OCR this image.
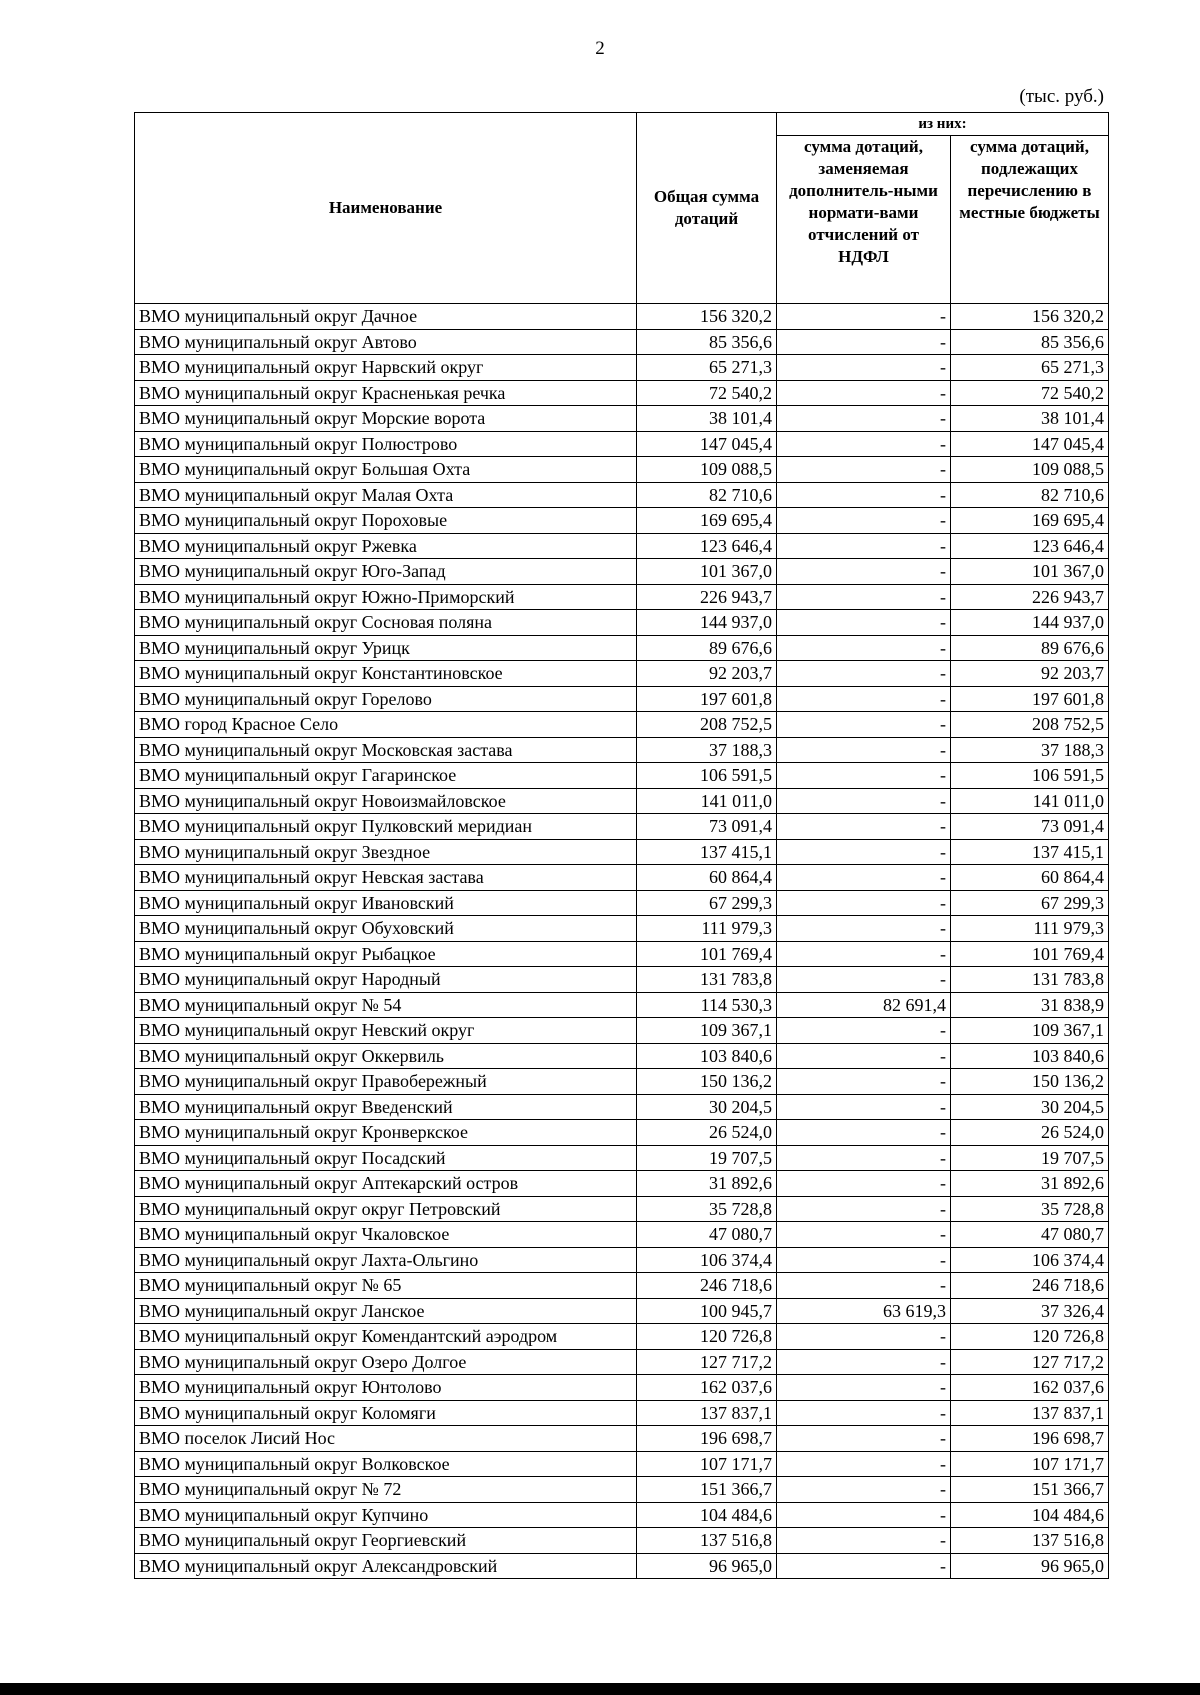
2
(тыс. руб.)
Наименование	Общая сумма дотаций	из них:	
		сумма дотаций, заменяемая дополнитель-ными нормати-вами отчислений от НДФЛ	сумма дотаций, подлежащих перечислению в местные бюджеты
ВМО муниципальный округ Дачное	156 320,2	-	156 320,2
ВМО муниципальный округ Автово	85 356,6	-	85 356,6
ВМО муниципальный округ Нарвский округ	65 271,3	-	65 271,3
ВМО муниципальный округ Красненькая речка	72 540,2	-	72 540,2
ВМО муниципальный округ Морские ворота	38 101,4	-	38 101,4
ВМО муниципальный округ Полюстрово	147 045,4	-	147 045,4
ВМО муниципальный округ Большая Охта	109 088,5	-	109 088,5
ВМО муниципальный округ Малая Охта	82 710,6	-	82 710,6
ВМО муниципальный округ Пороховые	169 695,4	-	169 695,4
ВМО муниципальный округ Ржевка	123 646,4	-	123 646,4
ВМО муниципальный округ Юго-Запад	101 367,0	-	101 367,0
ВМО муниципальный округ Южно-Приморский	226 943,7	-	226 943,7
ВМО муниципальный округ Сосновая поляна	144 937,0	-	144 937,0
ВМО муниципальный округ Урицк	89 676,6	-	89 676,6
ВМО муниципальный округ Константиновское	92 203,7	-	92 203,7
ВМО муниципальный округ Горелово	197 601,8	-	197 601,8
ВМО город Красное Село	208 752,5	-	208 752,5
ВМО муниципальный округ Московская застава	37 188,3	-	37 188,3
ВМО муниципальный округ Гагаринское	106 591,5	-	106 591,5
ВМО муниципальный округ Новоизмайловское	141 011,0	-	141 011,0
ВМО муниципальный округ Пулковский меридиан	73 091,4	-	73 091,4
ВМО муниципальный округ Звездное	137 415,1	-	137 415,1
ВМО муниципальный округ Невская застава	60 864,4	-	60 864,4
ВМО муниципальный округ Ивановский	67 299,3	-	67 299,3
ВМО муниципальный округ Обуховский	111 979,3	-	111 979,3
ВМО муниципальный округ Рыбацкое	101 769,4	-	101 769,4
ВМО муниципальный округ Народный	131 783,8	-	131 783,8
ВМО муниципальный округ № 54	114 530,3	82 691,4	31 838,9
ВМО муниципальный округ Невский округ	109 367,1	-	109 367,1
ВМО муниципальный округ Оккервиль	103 840,6	-	103 840,6
ВМО муниципальный округ Правобережный	150 136,2	-	150 136,2
ВМО муниципальный округ Введенский	30 204,5	-	30 204,5
ВМО муниципальный округ Кронверкское	26 524,0	-	26 524,0
ВМО муниципальный округ Посадский	19 707,5	-	19 707,5
ВМО муниципальный округ Аптекарский остров	31 892,6	-	31 892,6
ВМО муниципальный округ округ Петровский	35 728,8	-	35 728,8
ВМО муниципальный округ Чкаловское	47 080,7	-	47 080,7
ВМО муниципальный округ Лахта-Ольгино	106 374,4	-	106 374,4
ВМО муниципальный округ № 65	246 718,6	-	246 718,6
ВМО муниципальный округ Ланское	100 945,7	63 619,3	37 326,4
ВМО муниципальный округ Комендантский аэродром	120 726,8	-	120 726,8
ВМО муниципальный округ Озеро Долгое	127 717,2	-	127 717,2
ВМО муниципальный округ Юнтолово	162 037,6	-	162 037,6
ВМО муниципальный округ Коломяги	137 837,1	-	137 837,1
ВМО поселок Лисий Нос	196 698,7	-	196 698,7
ВМО муниципальный округ Волковское	107 171,7	-	107 171,7
ВМО муниципальный округ № 72	151 366,7	-	151 366,7
ВМО муниципальный округ Купчино	104 484,6	-	104 484,6
ВМО муниципальный округ Георгиевский	137 516,8	-	137 516,8
ВМО муниципальный округ Александровский	96 965,0	-	96 965,0
